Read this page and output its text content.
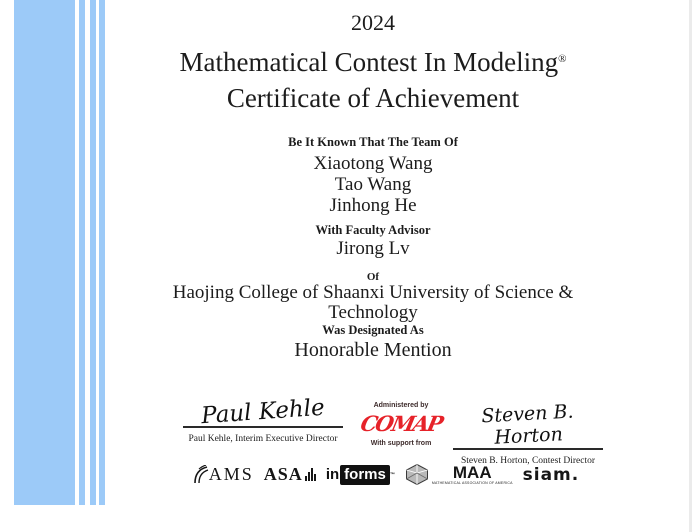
2024
Mathematical Contest In Modeling®
Certificate of Achievement
Be It Known That The Team Of
Xiaotong Wang
Tao Wang
Jinhong He
With Faculty Advisor
Jirong Lv
Of
Haojing College of Shaanxi University of Science & Technology
Was Designated As
Honorable Mention
Paul Kehle
Paul Kehle, Interim Executive Director
Administered by
COMAP
With support from
Steven B. Horton
Steven B. Horton, Contest Director
AMS ASA in forms ™	MAA
MATHEMATICAL ASSOCIATION OF AMERICA siam.
